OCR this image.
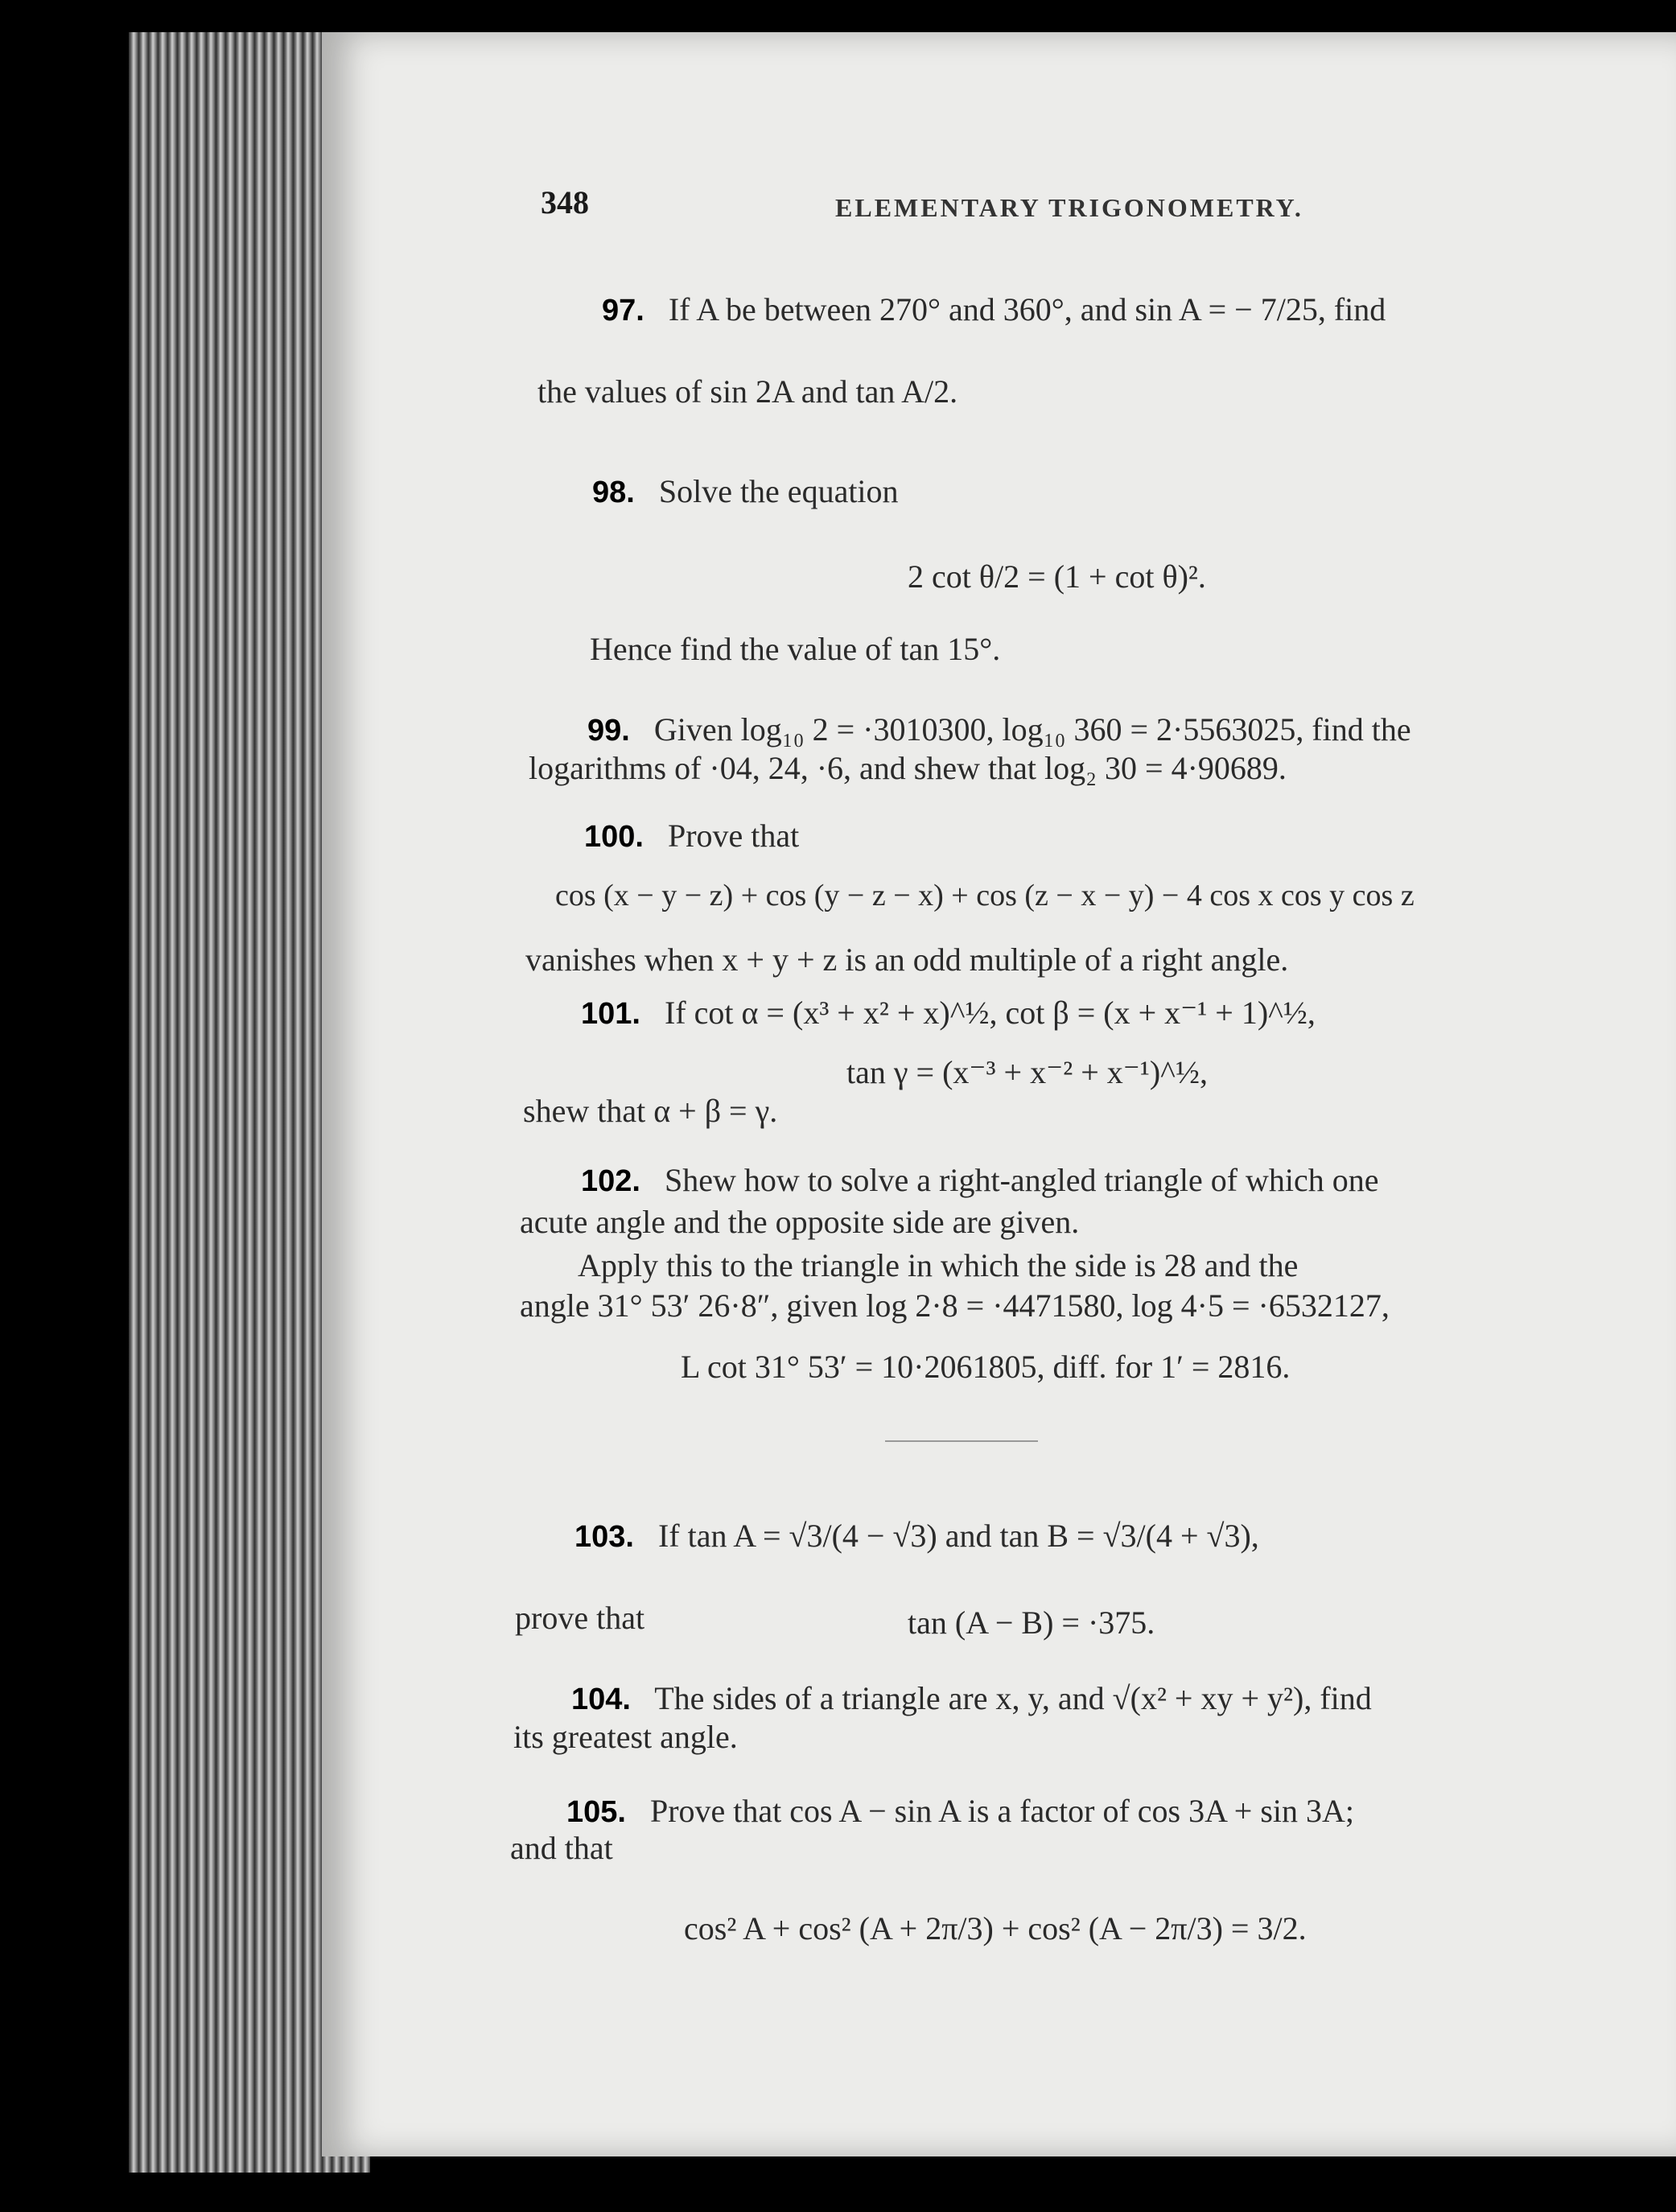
348	ELEMENTARY TRIGONOMETRY.
97. If A be between 270° and 360°, and sin A = − 7/25, find
the values of sin 2A and tan A/2.
98. Solve the equation
2 cot θ/2 = (1 + cot θ)².
Hence find the value of tan 15°.
99. Given log₁₀ 2 = ·3010300, log₁₀ 360 = 2·5563025, find the
logarithms of ·04, 24, ·6, and shew that log₂ 30 = 4·90689.
100. Prove that
cos (x − y − z) + cos (y − z − x) + cos (z − x − y) − 4 cos x cos y cos z
vanishes when x + y + z is an odd multiple of a right angle.
101. If cot α = (x³ + x² + x)^½, cot β = (x + x⁻¹ + 1)^½,
tan γ = (x⁻³ + x⁻² + x⁻¹)^½,
shew that α + β = γ.
102. Shew how to solve a right-angled triangle of which one
acute angle and the opposite side are given.
Apply this to the triangle in which the side is 28 and the
angle 31° 53′ 26·8″, given log 2·8 = ·4471580, log 4·5 = ·6532127,
L cot 31° 53′ = 10·2061805, diff. for 1′ = 2816.
103. If tan A = √3/(4 − √3) and tan B = √3/(4 + √3),
prove that	tan (A − B) = ·375.
104. The sides of a triangle are x, y, and √(x² + xy + y²), find
its greatest angle.
105. Prove that cos A − sin A is a factor of cos 3A + sin 3A;
and that
cos² A + cos² (A + 2π/3) + cos² (A − 2π/3) = 3/2.
